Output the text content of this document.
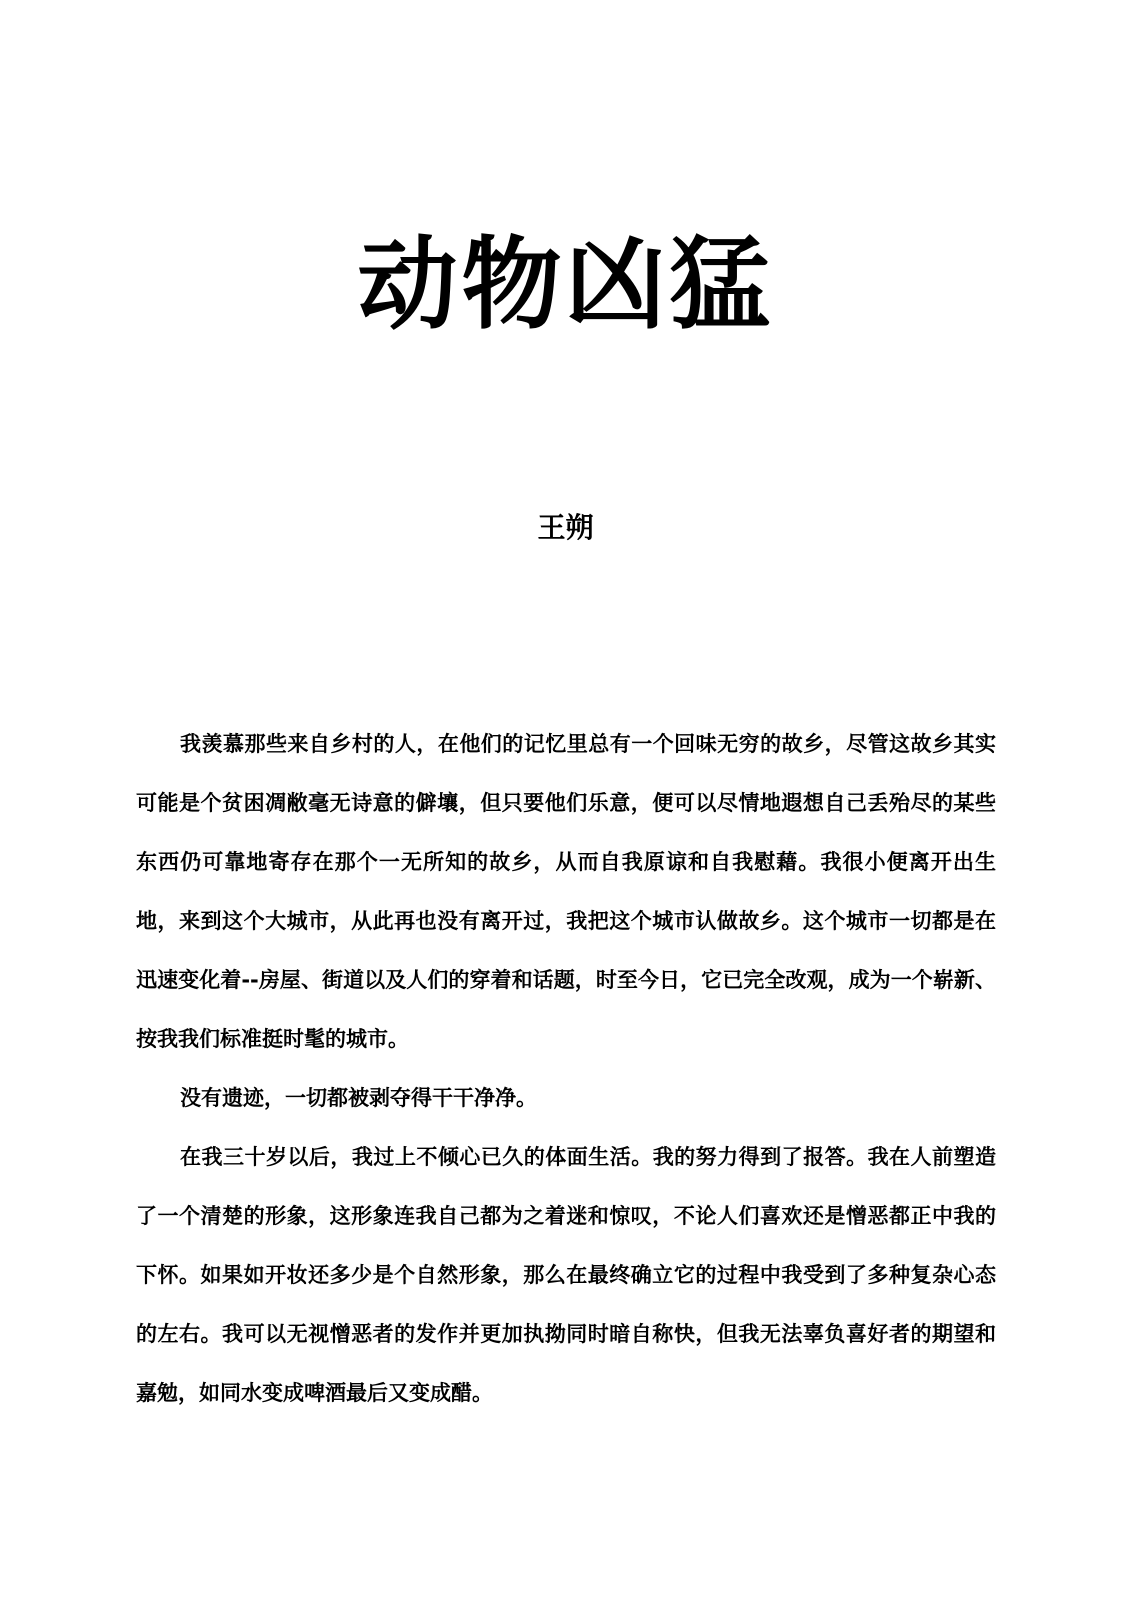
动物凶猛
王朔

我羡慕那些来自乡村的人，在他们的记忆里总有一个回味无穷的故乡，尽管这故乡其实可能是个贫困凋敝毫无诗意的僻壤，但只要他们乐意，便可以尽情地遐想自己丢殆尽的某些东西仍可靠地寄存在那个一无所知的故乡，从而自我原谅和自我慰藉。我很小便离开出生地，来到这个大城市，从此再也没有离开过，我把这个城市认做故乡。这个城市一切都是在迅速变化着--房屋、街道以及人们的穿着和话题，时至今日，它已完全改观，成为一个崭新、按我我们标准挺时髦的城市。

没有遗迹，一切都被剥夺得干干净净。

在我三十岁以后，我过上不倾心已久的体面生活。我的努力得到了报答。我在人前塑造了一个清楚的形象，这形象连我自己都为之着迷和惊叹，不论人们喜欢还是憎恶都正中我的下怀。如果如开妆还多少是个自然形象，那么在最终确立它的过程中我受到了多种复杂心态的左右。我可以无视憎恶者的发作并更加执拗同时暗自称快，但我无法辜负喜好者的期望和嘉勉，如同水变成啤酒最后又变成醋。
